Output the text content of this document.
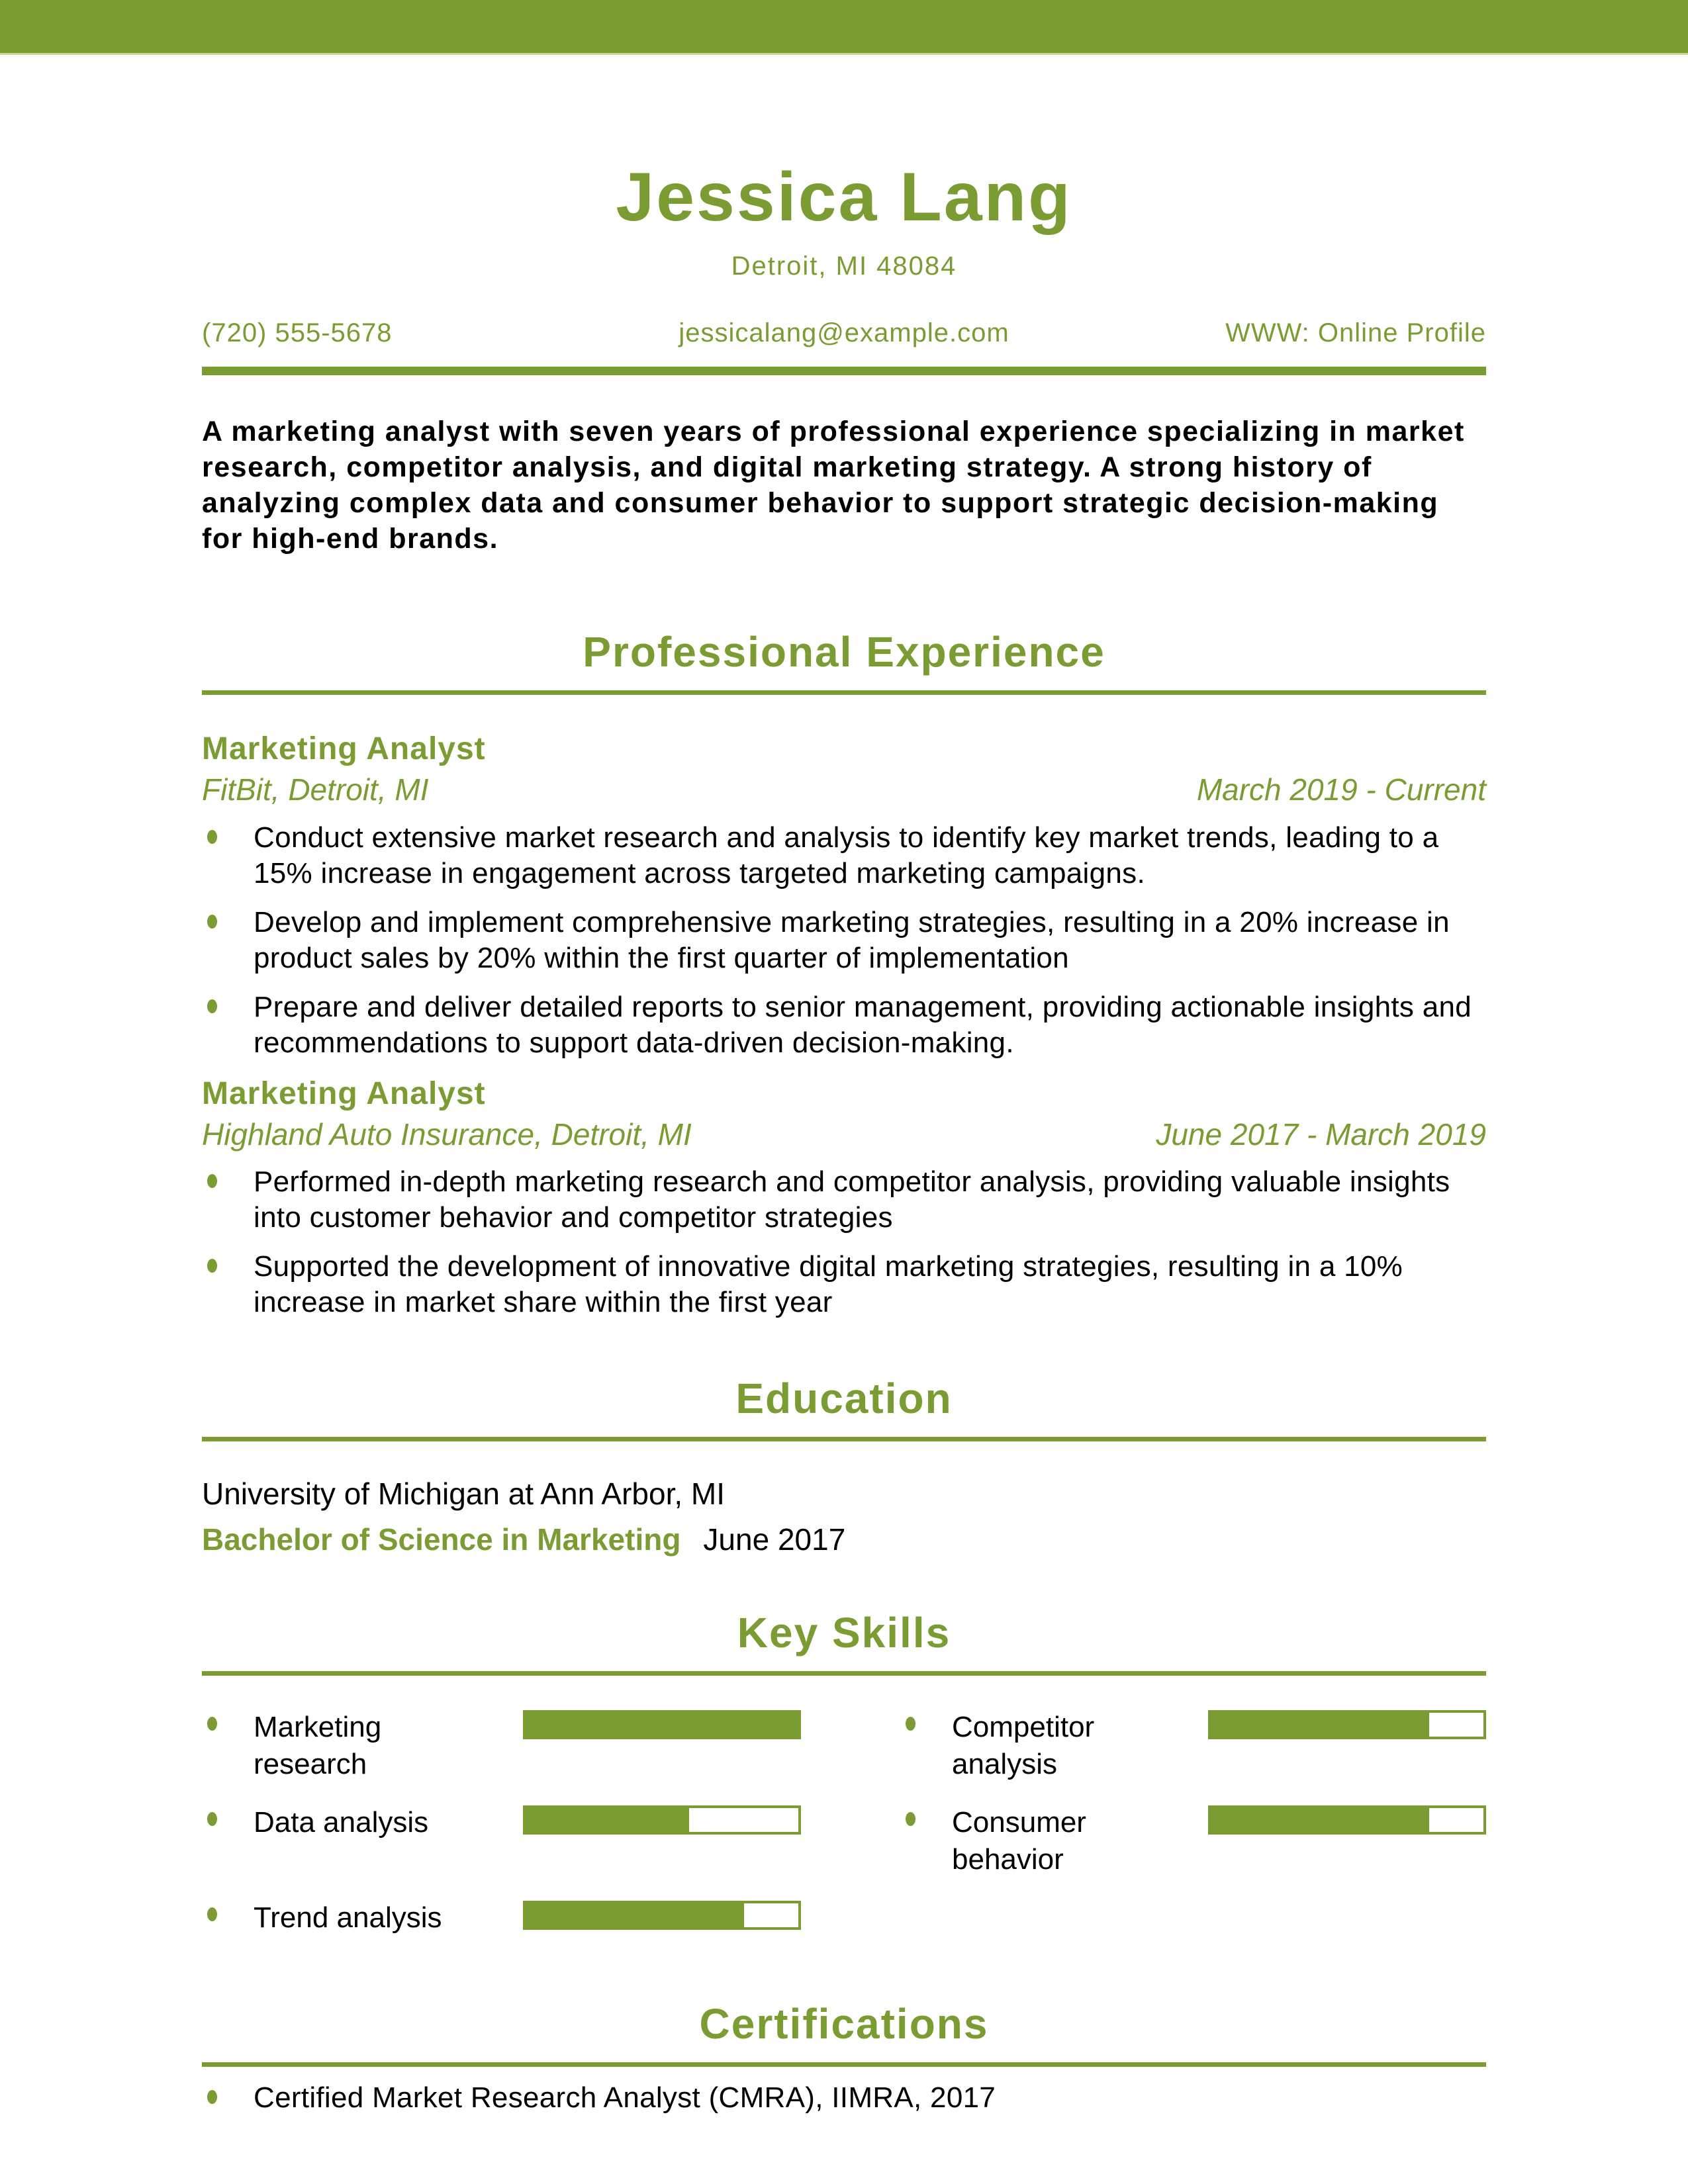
Jessica Lang
Detroit, MI 48084
(720) 555-5678	jessicalang@example.com	WWW: Online Profile
A marketing analyst with seven years of professional experience specializing in market research, competitor analysis, and digital marketing strategy. A strong history of analyzing complex data and consumer behavior to support strategic decision-making for high-end brands.
Professional Experience
Marketing Analyst
FitBit, Detroit, MI	March 2019 - Current
Conduct extensive market research and analysis to identify key market trends, leading to a 15% increase in engagement across targeted marketing campaigns.
Develop and implement comprehensive marketing strategies, resulting in a 20% increase in product sales by 20% within the first quarter of implementation
Prepare and deliver detailed reports to senior management, providing actionable insights and recommendations to support data-driven decision-making.
Marketing Analyst
Highland Auto Insurance, Detroit, MI	June 2017 - March 2019
Performed in-depth marketing research and competitor analysis, providing valuable insights into customer behavior and competitor strategies
Supported the development of innovative digital marketing strategies, resulting in a 10% increase in market share within the first year
Education
University of Michigan at Ann Arbor, MI
Bachelor of Science in Marketing June 2017
Key Skills
Marketing research
Competitor analysis
Data analysis	Consumer behavior
Trend analysis
Certifications
Certified Market Research Analyst (CMRA), IIMRA, 2017
